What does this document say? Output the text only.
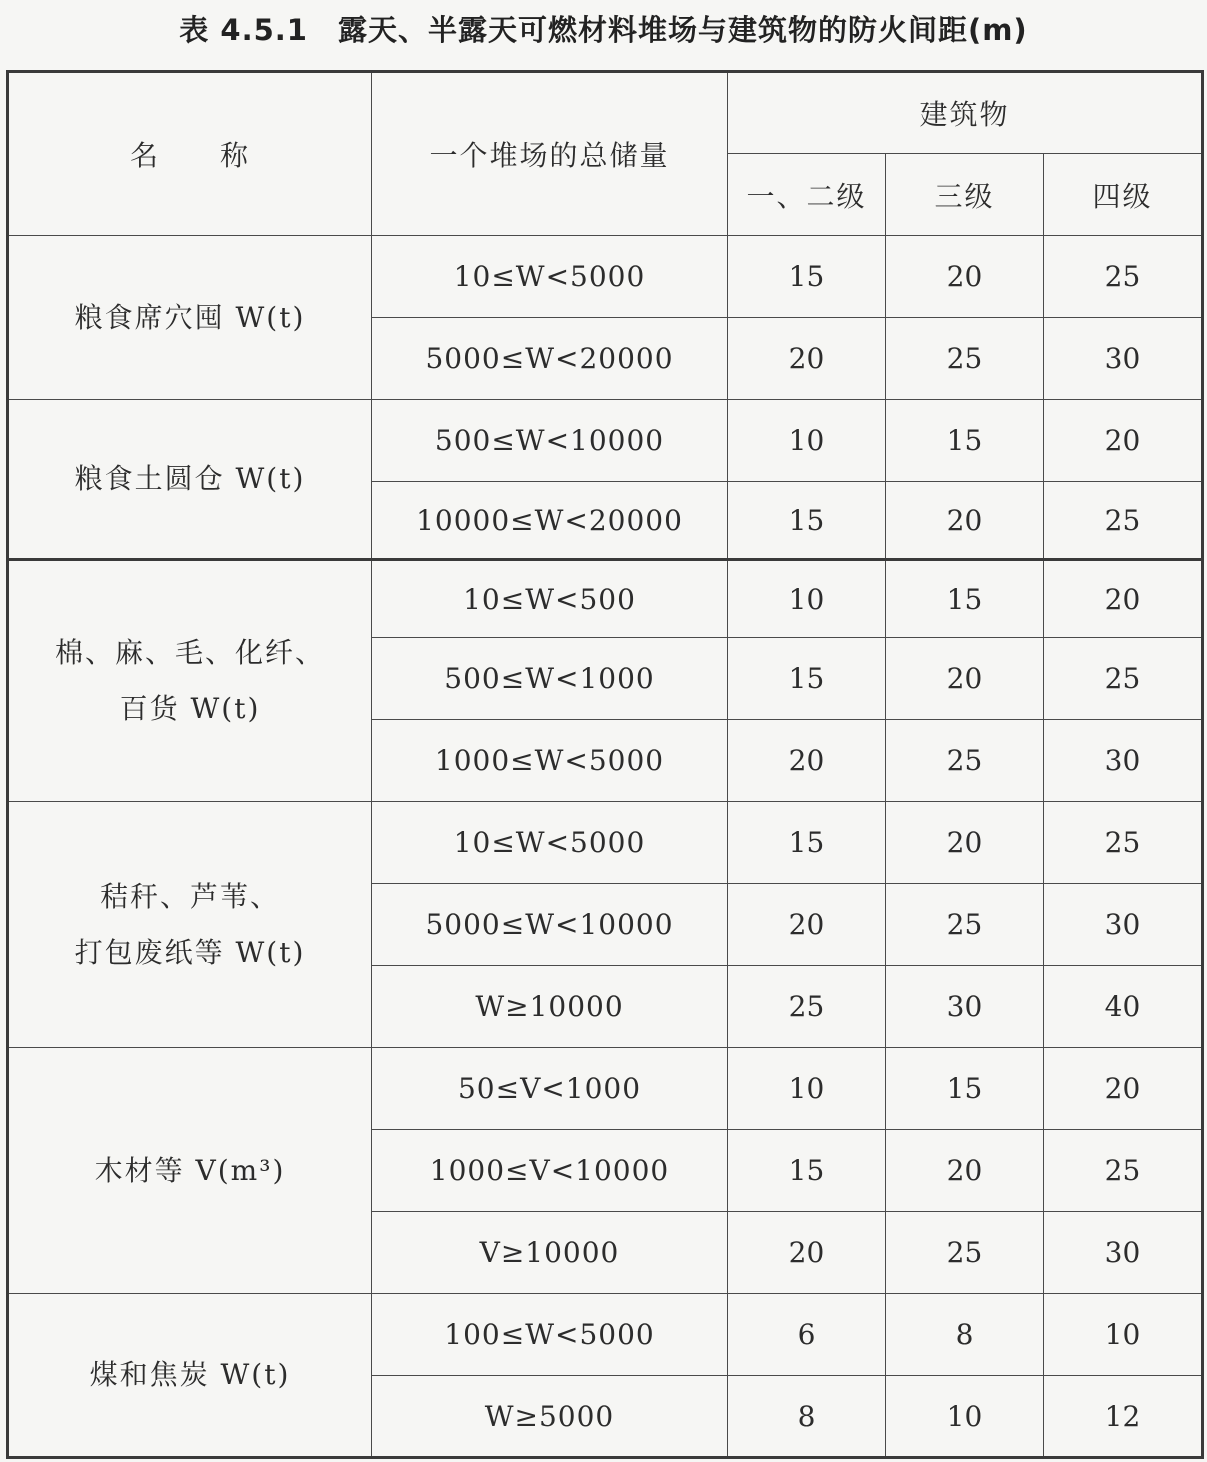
表 4.5.1　露天、半露天可燃材料堆场与建筑物的防火间距(m)
名　　称	一个堆场的总储量	建筑物		
		一、二级	三级	四级
粮食席穴囤 W(t)	10≤W<5000	15	20	25
	5000≤W<20000	20	25	30
粮食土圆仓 W(t)	500≤W<10000	10	15	20
	10000≤W<20000	15	20	25

棉、麻、毛、化纤、
百货 W(t)	10≤W<500	10	15	20
	500≤W<1000	15	20	25
	1000≤W<5000	20	25	30

秸秆、芦苇、
打包废纸等 W(t)	10≤W<5000	15	20	25
	5000≤W<10000	20	25	30
	W≥10000	25	30	40
木材等 V(m³)	50≤V<1000	10	15	20
	1000≤V<10000	15	20	25
	V≥10000	20	25	30
煤和焦炭 W(t)	100≤W<5000	6	8	10
	W≥5000	8	10	12
